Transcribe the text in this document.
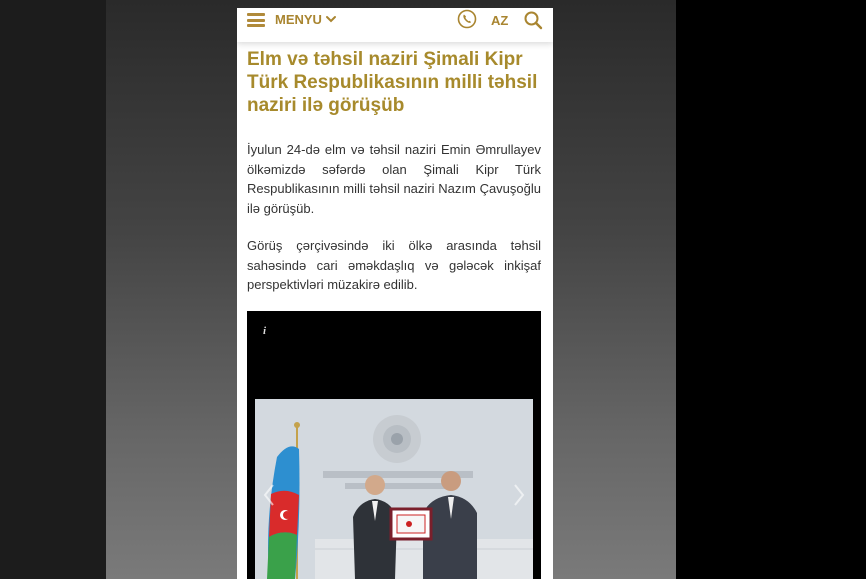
MENYU	AZ
Elm və təhsil naziri Şimali Kipr Türk Respublikasının milli təhsil naziri ilə görüşüb

İyulun 24-də elm və təhsil naziri Emin Əmrullayev ölkəmizdə səfərdə olan Şimali Kipr Türk Respublikasının milli təhsil naziri Nazım Çavuşoğlu ilə görüşüb.

Görüş çərçivəsində iki ölkə arasında təhsil sahəsində cari əməkdaşlıq və gələcək inkişaf perspektivləri müzakirə edilib.

i
